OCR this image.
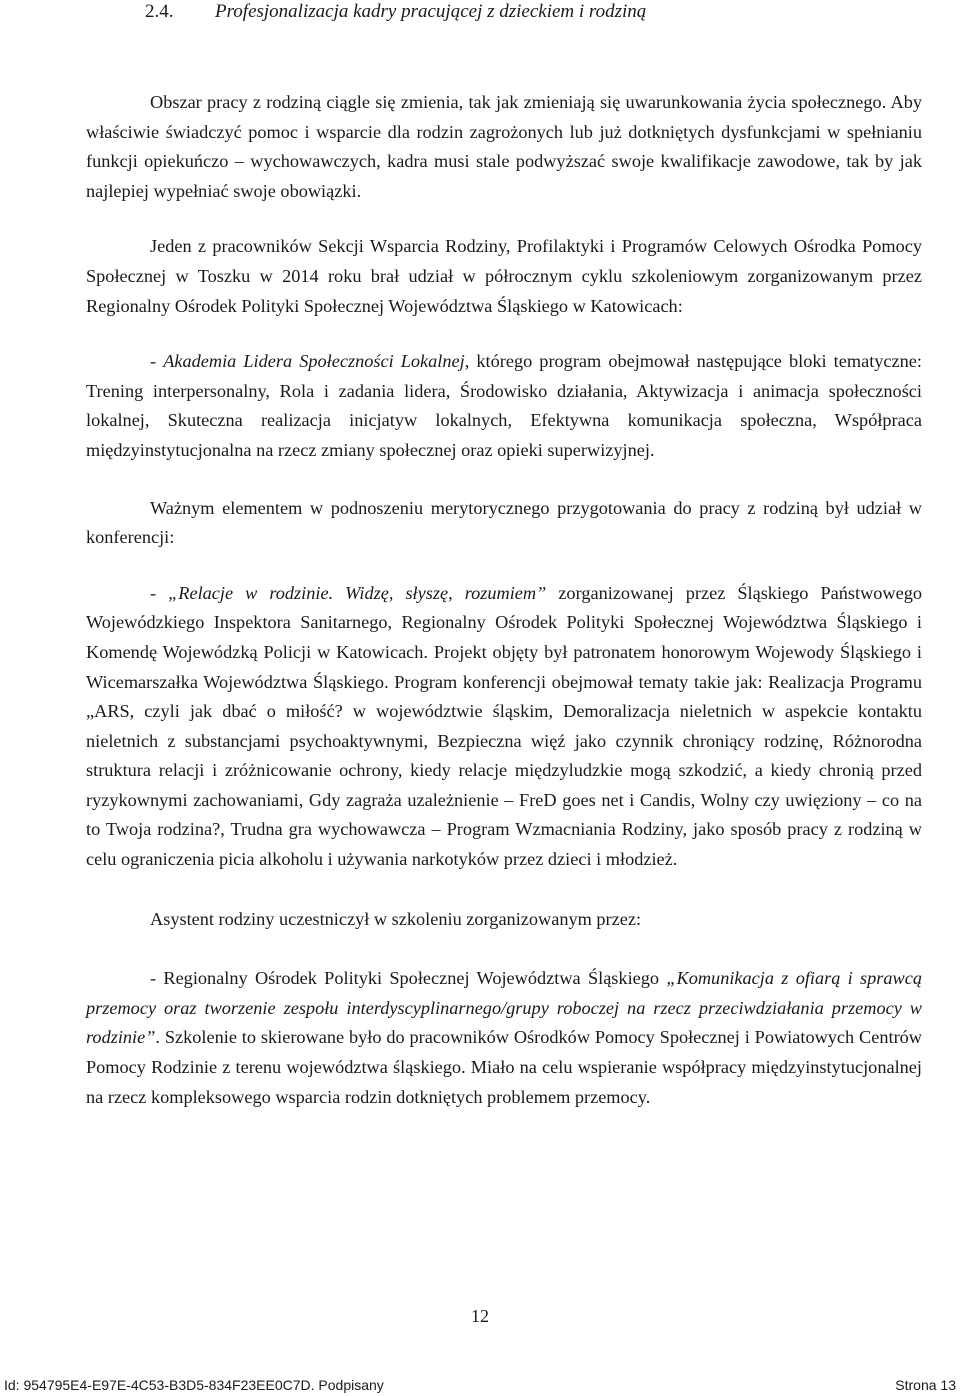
2.4. Profesjonalizacja kadry pracującej z dzieckiem i rodziną

Obszar pracy z rodziną ciągle się zmienia, tak jak zmieniają się uwarunkowania życia społecznego. Aby właściwie świadczyć pomoc i wsparcie dla rodzin zagrożonych lub już dotkniętych dysfunkcjami w spełnianiu funkcji opiekuńczo – wychowawczych, kadra musi stale podwyższać swoje kwalifikacje zawodowe, tak by jak najlepiej wypełniać swoje obowiązki.

Jeden z pracowników Sekcji Wsparcia Rodziny, Profilaktyki i Programów Celowych Ośrodka Pomocy Społecznej w Toszku w 2014 roku brał udział w półrocznym cyklu szkoleniowym zorganizowanym przez Regionalny Ośrodek Polityki Społecznej Województwa Śląskiego w Katowicach:

- Akademia Lidera Społeczności Lokalnej, którego program obejmował następujące bloki tematyczne: Trening interpersonalny, Rola i zadania lidera, Środowisko działania, Aktywizacja i animacja społeczności lokalnej, Skuteczna realizacja inicjatyw lokalnych, Efektywna komunikacja społeczna, Współpraca międzyinstytucjonalna na rzecz zmiany społecznej oraz opieki superwizyjnej.

Ważnym elementem w podnoszeniu merytorycznego przygotowania do pracy z rodziną był udział w konferencji:

- „Relacje w rodzinie. Widzę, słyszę, rozumiem” zorganizowanej przez Śląskiego Państwowego Wojewódzkiego Inspektora Sanitarnego, Regionalny Ośrodek Polityki Społecznej Województwa Śląskiego i Komendę Wojewódzką Policji w Katowicach. Projekt objęty był patronatem honorowym Wojewody Śląskiego i Wicemarszałka Województwa Śląskiego. Program konferencji obejmował tematy takie jak: Realizacja Programu „ARS, czyli jak dbać o miłość? w województwie śląskim, Demoralizacja nieletnich w aspekcie kontaktu nieletnich z substancjami psychoaktywnymi, Bezpieczna więź jako czynnik chroniący rodzinę, Różnorodna struktura relacji i zróżnicowanie ochrony, kiedy relacje międzyludzkie mogą szkodzić, a kiedy chronią przed ryzykownymi zachowaniami, Gdy zagraża uzależnienie – FreD goes net i Candis, Wolny czy uwięziony – co na to Twoja rodzina?, Trudna gra wychowawcza – Program Wzmacniania Rodziny, jako sposób pracy z rodziną w celu ograniczenia picia alkoholu i używania narkotyków przez dzieci i młodzież.

Asystent rodziny uczestniczył w szkoleniu zorganizowanym przez:

- Regionalny Ośrodek Polityki Społecznej Województwa Śląskiego „Komunikacja z ofiarą i sprawcą przemocy oraz tworzenie zespołu interdyscyplinarnego/grupy roboczej na rzecz przeciwdziałania przemocy w rodzinie”. Szkolenie to skierowane było do pracowników Ośrodków Pomocy Społecznej i Powiatowych Centrów Pomocy Rodzinie z terenu województwa śląskiego. Miało na celu wspieranie współpracy międzyinstytucjonalnej na rzecz kompleksowego wsparcia rodzin dotkniętych problemem przemocy.

12
Id: 954795E4-E97E-4C53-B3D5-834F23EE0C7D. Podpisany	Strona 13
